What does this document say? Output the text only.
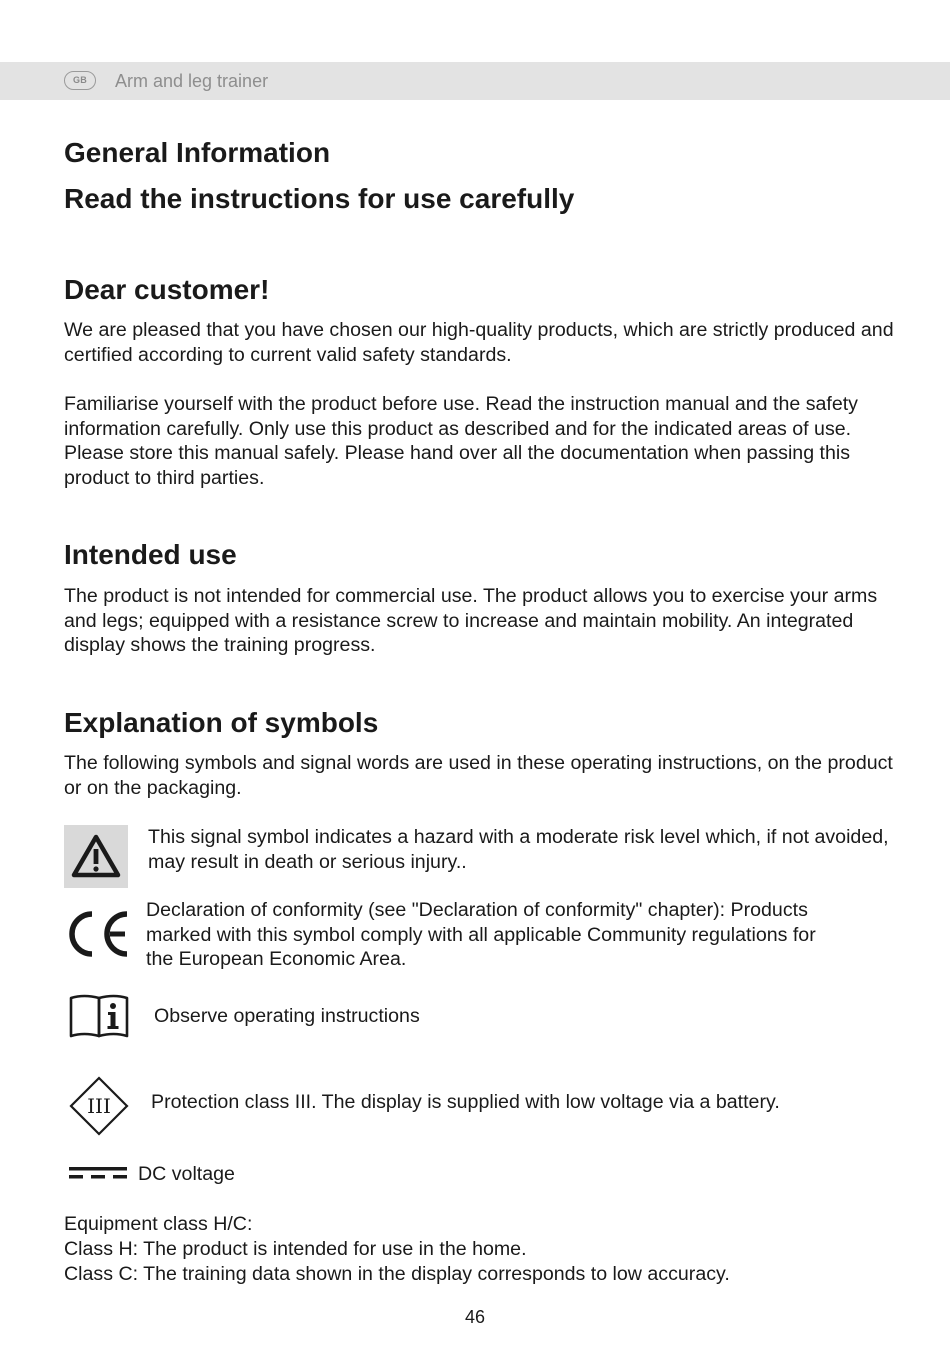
GB	Arm and leg trainer
General Information
Read the instructions for use carefully
Dear customer!

We are pleased that you have chosen our high-quality products, which are strictly produced and certified according to current valid safety standards.

Familiarise yourself with the product before use. Read the instruction manual and the safety information carefully. Only use this product as described and for the indicated areas of use. Please store this manual safely. Please hand over all the documentation when passing this product to third parties.

Intended use

The product is not intended for commercial use. The product allows you to exercise your arms and legs; equipped with a resistance screw to increase and maintain mobility. An integrated display shows the training progress.

Explanation of symbols

The following symbols and signal words are used in these operating instructions, on the product or on the packaging.

This signal symbol indicates a hazard with a moderate risk level which, if not avoided, may result in death or serious injury..

Declaration of conformity (see "Declaration of conformity" chapter): Products marked with this symbol comply with all applicable Community regulations for the European Economic Area.

Observe operating instructions

III Protection class III. The display is supplied with low voltage via a battery.

DC voltage

Equipment class H/C:

Class H: The product is intended for use in the home.

Class C: The training data shown in the display corresponds to low accuracy.

46
